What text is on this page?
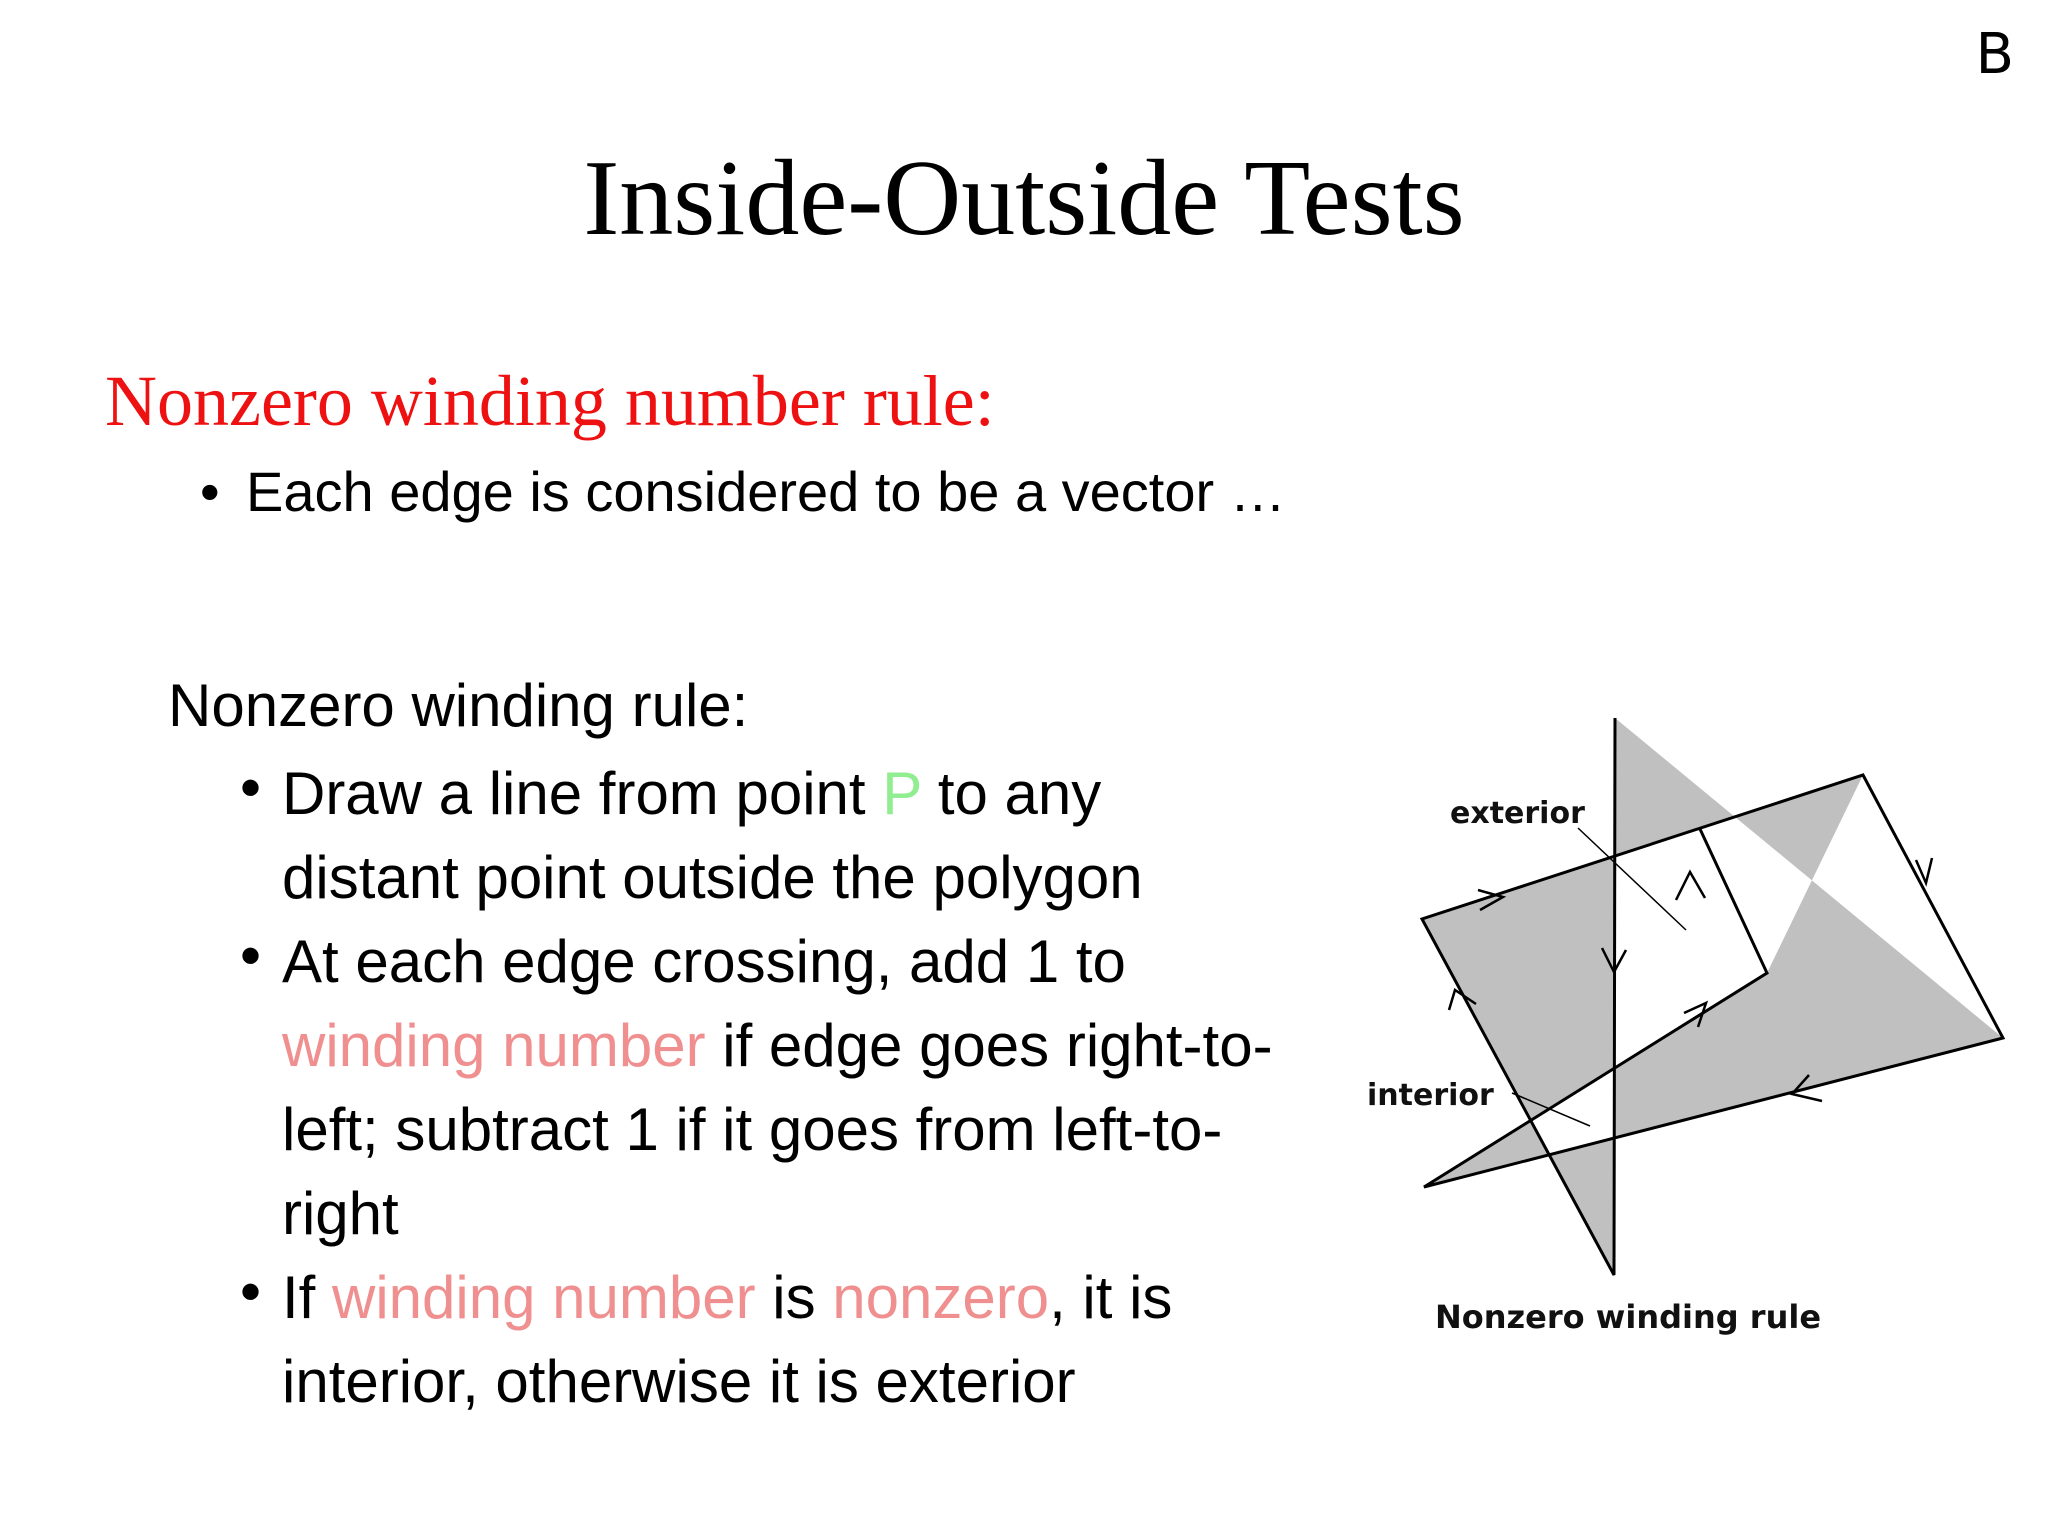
B
Inside-Outside Tests
Nonzero winding number rule:
• Each edge is considered to be a vector …
Nonzero winding rule:
• Draw a line from point P to any distant point outside the polygon
• At each edge crossing, add 1 to winding number if edge goes right-to-left; subtract 1 if it goes from left-to-right
• If winding number is nonzero, it is interior, otherwise it is exterior
exterior
interior
Nonzero winding rule
